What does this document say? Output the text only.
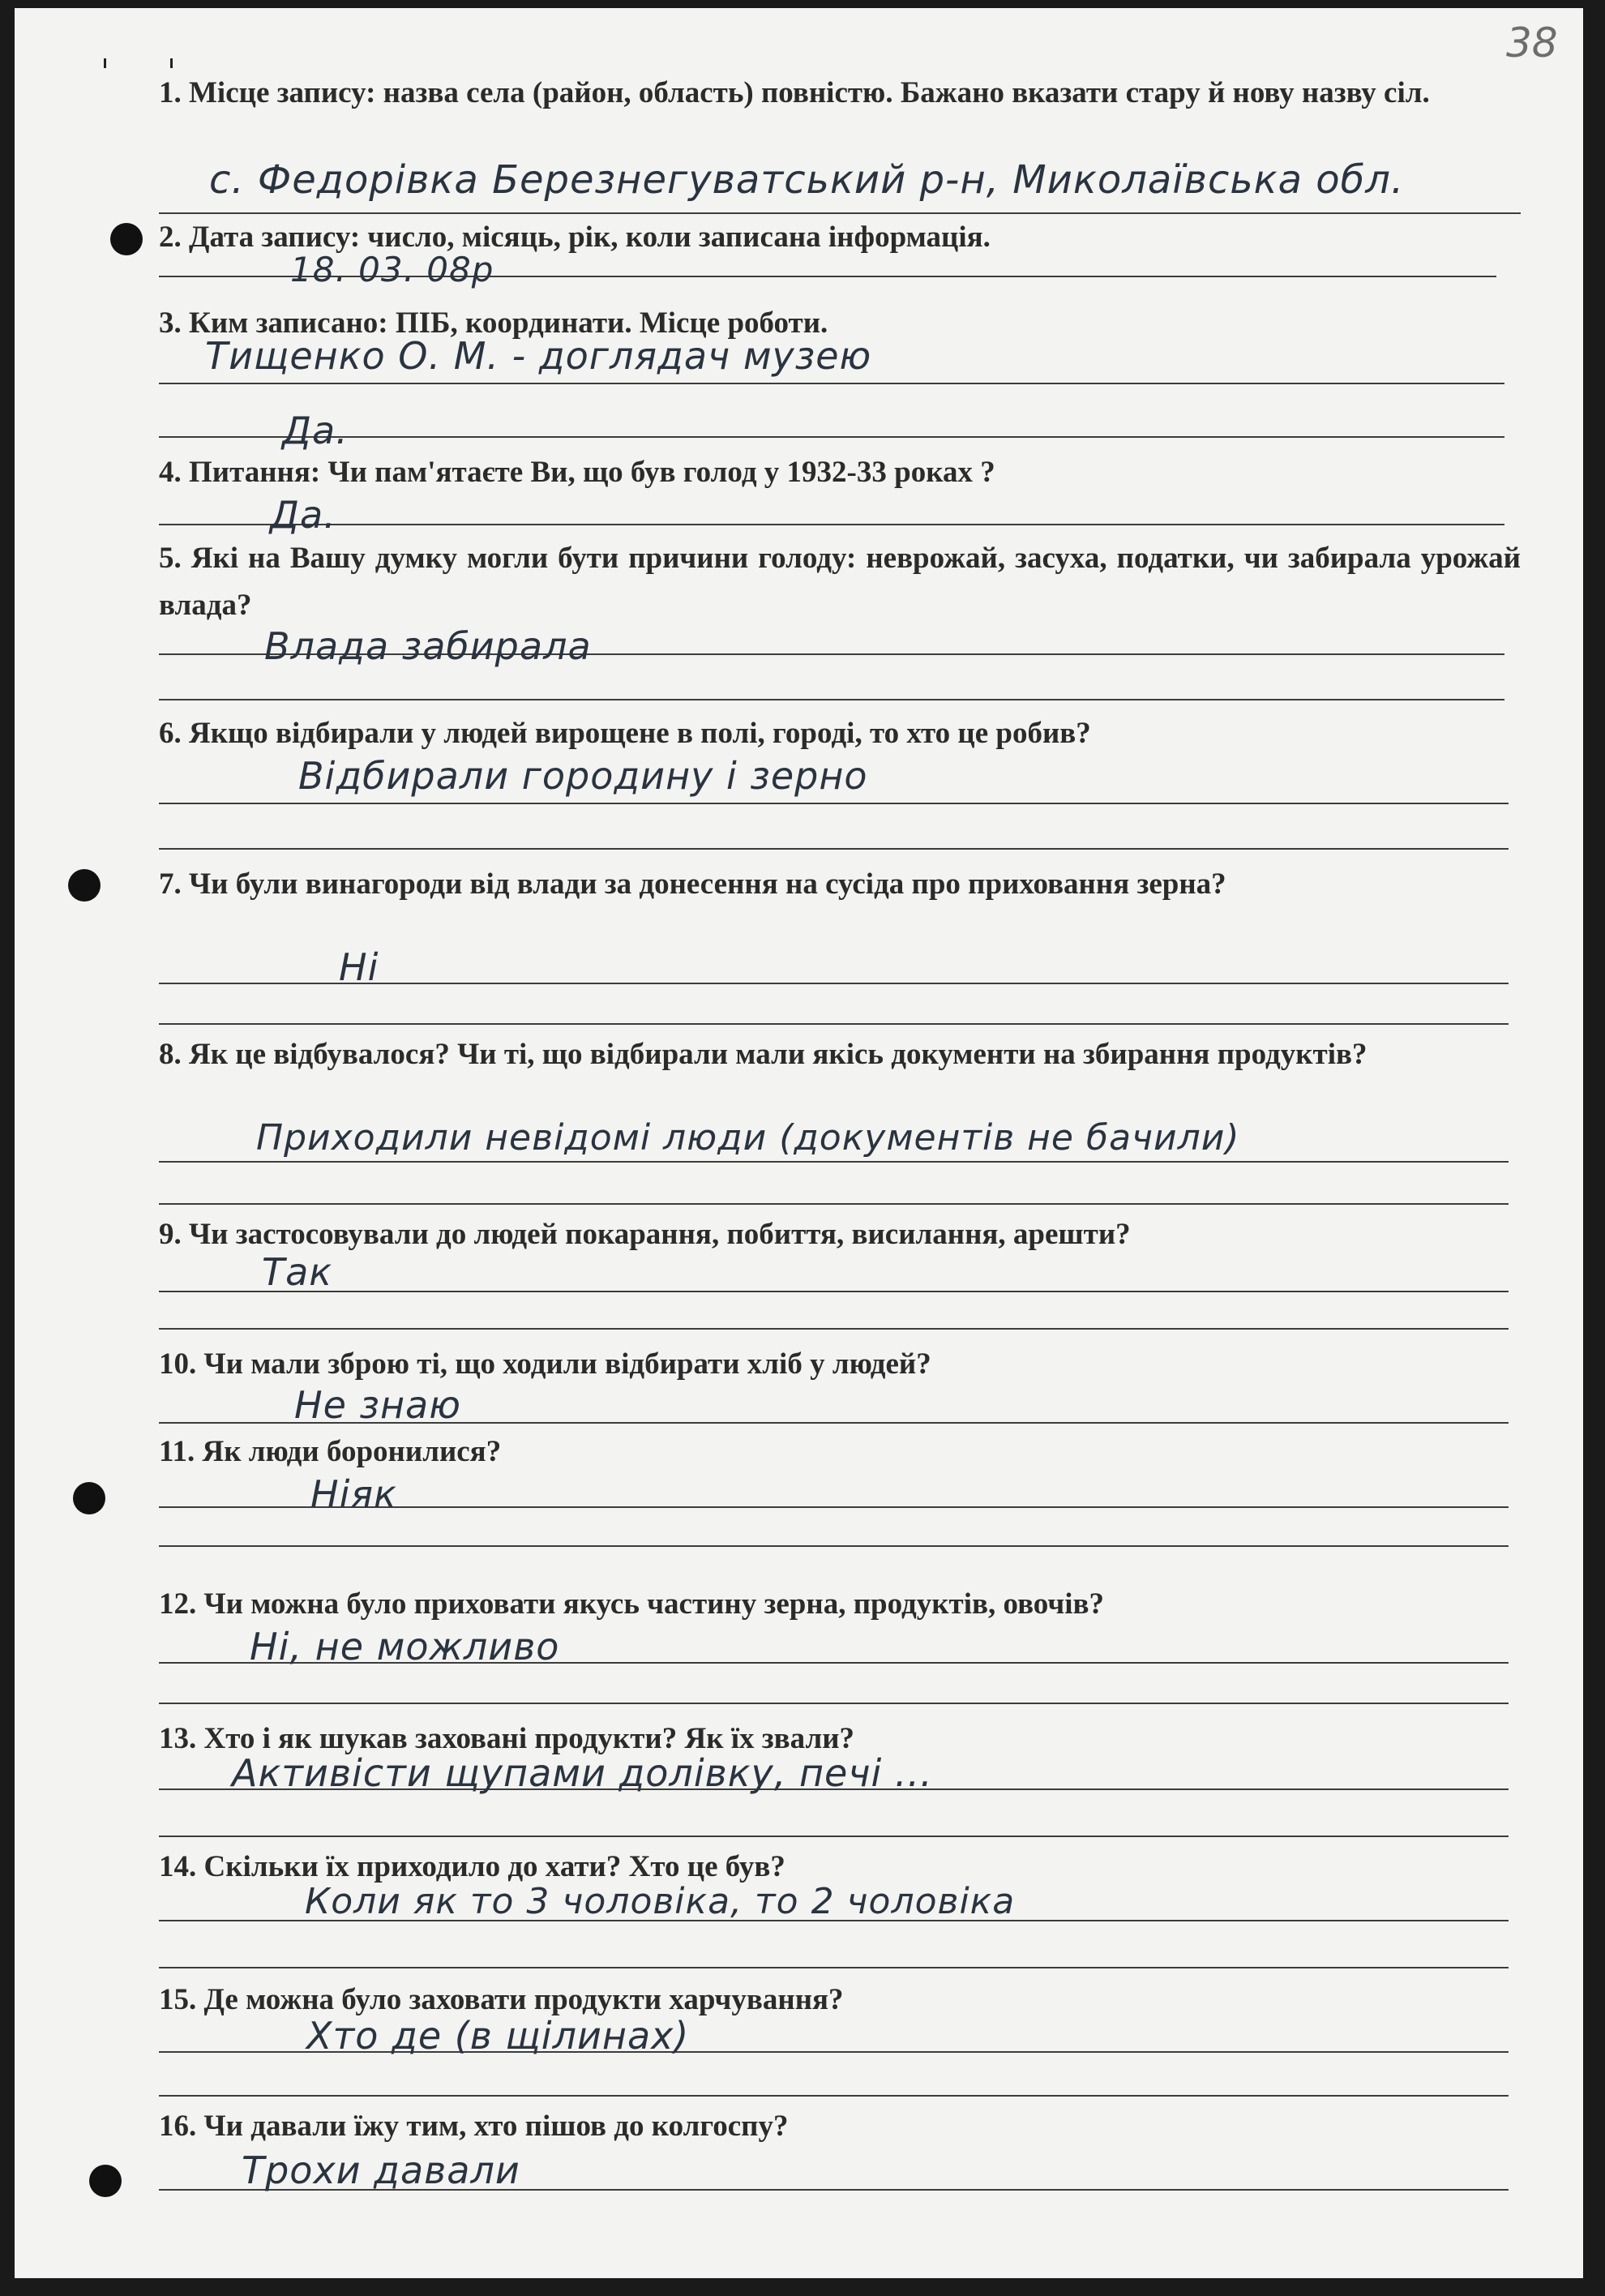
38
1. Місце запису: назва села (район, область) повністю. Бажано вказати стару й нову назву сіл.
с. Федорівка Березнегуватський р-н, Миколаївська обл.
2. Дата запису: число, місяць, рік, коли записана інформація.
18. 03. 08р
3. Ким записано: ПІБ, координати. Місце роботи.
Тищенко О. М. - доглядач музею
Да.
4. Питання: Чи пам'ятаєте Ви, що був голод у 1932-33 роках ?
Да.
5. Які на Вашу думку могли бути причини голоду: неврожай, засуха, податки, чи забирала урожай влада?
Влада забирала
6. Якщо відбирали у людей вирощене в полі, городі, то хто це робив?
Відбирали городину і зерно
7. Чи були винагороди від влади за донесення на сусіда про приховання зерна?
Ні
8. Як це відбувалося? Чи ті, що відбирали мали якісь документи на збирання продуктів?
Приходили невідомі люди (документів не бачили)
9. Чи застосовували до людей покарання, побиття, висилання, арешти?
Так
10. Чи мали зброю ті, що ходили відбирати хліб у людей?
Не знаю
11. Як люди боронилися?
Ніяк
12. Чи можна було приховати якусь частину зерна, продуктів, овочів?
Ні, не можливо
13. Хто і як шукав заховані продукти? Як їх звали?
Активісти щупами долівку, печі ...
14. Скільки їх приходило до хати? Хто це був?
Коли як то 3 чоловіка, то 2 чоловіка
15. Де можна було заховати продукти харчування?
Хто де (в щілинах)
16. Чи давали їжу тим, хто пішов до колгоспу?
Трохи давали
